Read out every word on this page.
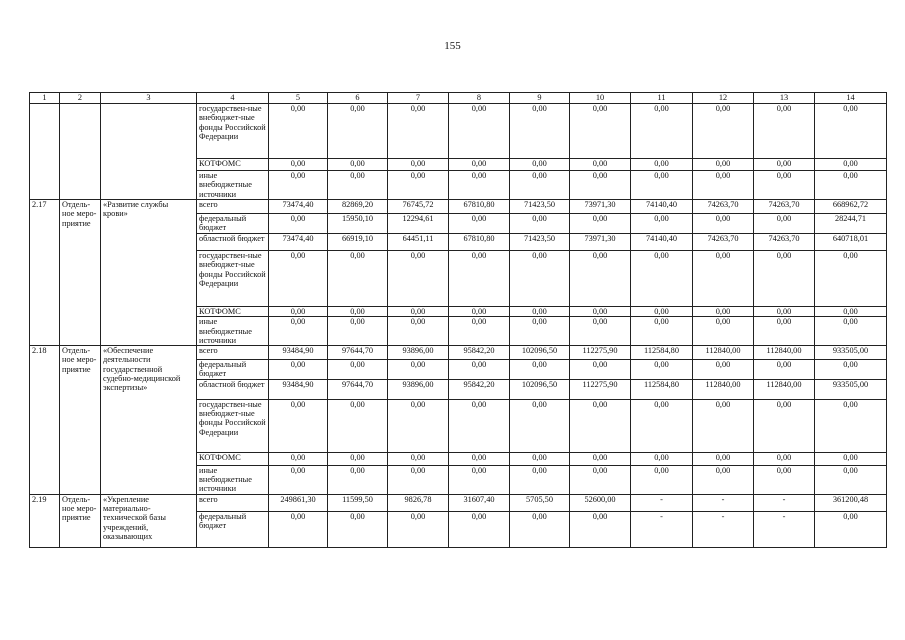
155
1	2	3	4	5	6	7	8	9	10	11	12	13	14
			государствен-ные внебюджет-ные фонды Российской Федерации	0,00	0,00	0,00	0,00	0,00	0,00	0,00	0,00	0,00	0,00
			КОТФОМС	0,00	0,00	0,00	0,00	0,00	0,00	0,00	0,00	0,00	0,00
			иные внебюджетные источники	0,00	0,00	0,00	0,00	0,00	0,00	0,00	0,00	0,00	0,00
2.17	Отдель-ное меро-приятие	«Развитие службы крови»	всего	73474,40	82869,20	76745,72	67810,80	71423,50	73971,30	74140,40	74263,70	74263,70	668962,72
			федеральный бюджет	0,00	15950,10	12294,61	0,00	0,00	0,00	0,00	0,00	0,00	28244,71
			областной бюджет	73474,40	66919,10	64451,11	67810,80	71423,50	73971,30	74140,40	74263,70	74263,70	640718,01
			государствен-ные внебюджет-ные фонды Российской Федерации	0,00	0,00	0,00	0,00	0,00	0,00	0,00	0,00	0,00	0,00
			КОТФОМС	0,00	0,00	0,00	0,00	0,00	0,00	0,00	0,00	0,00	0,00
			иные внебюджетные источники	0,00	0,00	0,00	0,00	0,00	0,00	0,00	0,00	0,00	0,00
2.18	Отдель-ное меро-приятие	«Обеспечение деятельности государственной судебно-медицинской экспертизы»	всего	93484,90	97644,70	93896,00	95842,20	102096,50	112275,90	112584,80	112840,00	112840,00	933505,00
			федеральный бюджет	0,00	0,00	0,00	0,00	0,00	0,00	0,00	0,00	0,00	0,00
			областной бюджет	93484,90	97644,70	93896,00	95842,20	102096,50	112275,90	112584,80	112840,00	112840,00	933505,00
			государствен-ные внебюджет-ные фонды Российской Федерации	0,00	0,00	0,00	0,00	0,00	0,00	0,00	0,00	0,00	0,00
			КОТФОМС	0,00	0,00	0,00	0,00	0,00	0,00	0,00	0,00	0,00	0,00
			иные внебюджетные источники	0,00	0,00	0,00	0,00	0,00	0,00	0,00	0,00	0,00	0,00
2.19	Отдель-ное меро-приятие	«Укрепление материально-технической базы учреждений, оказывающих	всего	249861,30	11599,50	9826,78	31607,40	5705,50	52600,00	-	-	-	361200,48
			федеральный бюджет	0,00	0,00	0,00	0,00	0,00	0,00	-	-	-	0,00
